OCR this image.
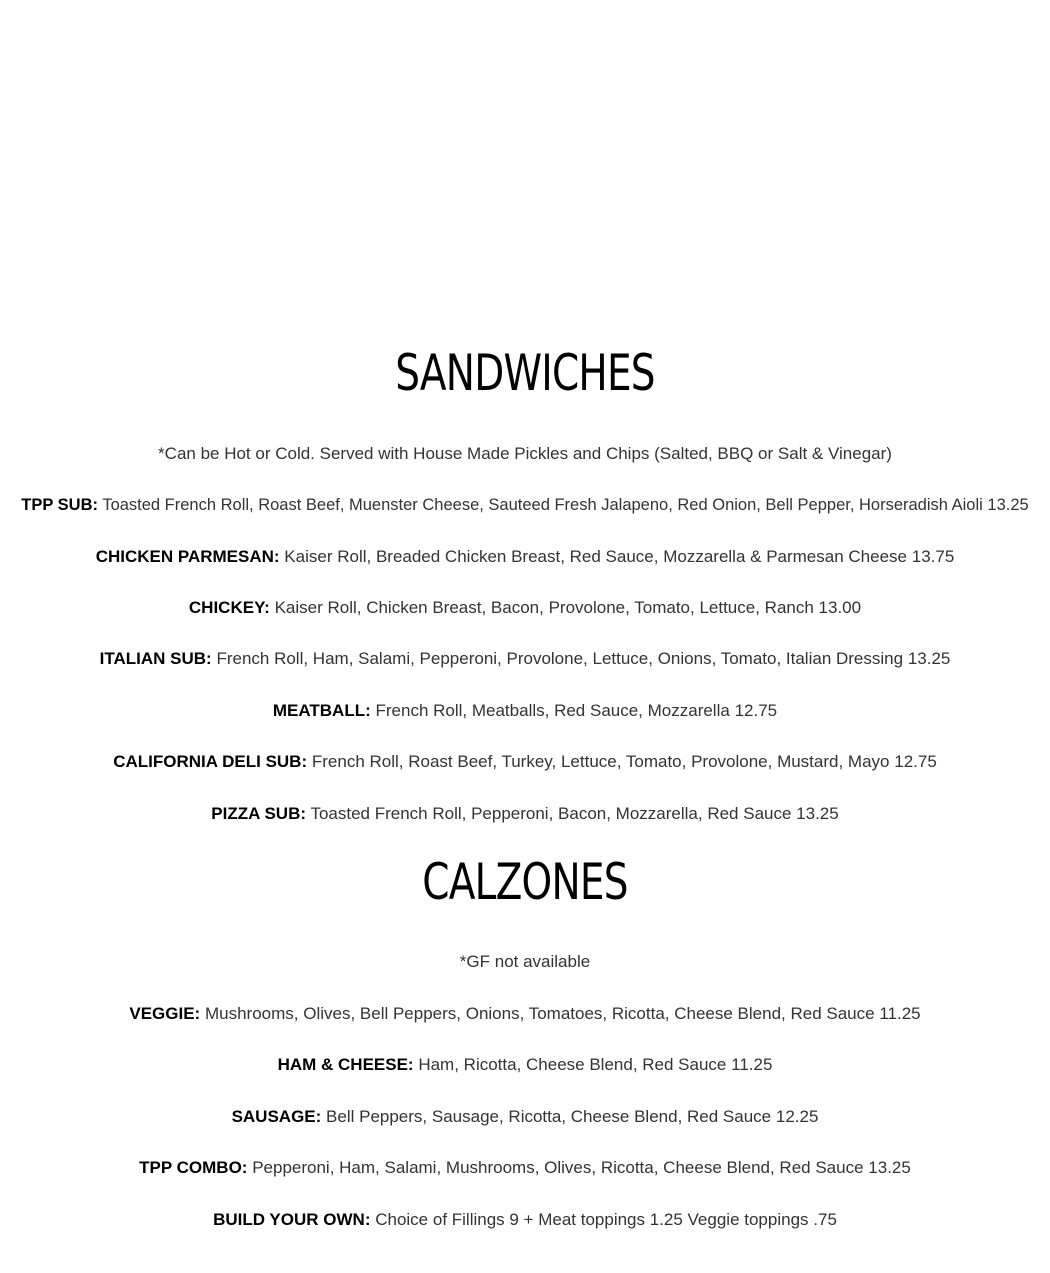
SANDWICHES

*Can be Hot or Cold. Served with House Made Pickles and Chips (Salted, BBQ or Salt & Vinegar)

TPP SUB: Toasted French Roll, Roast Beef, Muenster Cheese, Sauteed Fresh Jalapeno, Red Onion, Bell Pepper, Horseradish Aioli 13.25

CHICKEN PARMESAN: Kaiser Roll, Breaded Chicken Breast, Red Sauce, Mozzarella & Parmesan Cheese 13.75

CHICKEY: Kaiser Roll, Chicken Breast, Bacon, Provolone, Tomato, Lettuce, Ranch 13.00

ITALIAN SUB: French Roll, Ham, Salami, Pepperoni, Provolone, Lettuce, Onions, Tomato, Italian Dressing 13.25

MEATBALL: French Roll, Meatballs, Red Sauce, Mozzarella 12.75

CALIFORNIA DELI SUB: French Roll, Roast Beef, Turkey, Lettuce, Tomato, Provolone, Mustard, Mayo 12.75

PIZZA SUB: Toasted French Roll, Pepperoni, Bacon, Mozzarella, Red Sauce 13.25

CALZONES

*GF not available

VEGGIE: Mushrooms, Olives, Bell Peppers, Onions, Tomatoes, Ricotta, Cheese Blend, Red Sauce 11.25

HAM & CHEESE: Ham, Ricotta, Cheese Blend, Red Sauce 11.25

SAUSAGE: Bell Peppers, Sausage, Ricotta, Cheese Blend, Red Sauce 12.25

TPP COMBO: Pepperoni, Ham, Salami, Mushrooms, Olives, Ricotta, Cheese Blend, Red Sauce 13.25

BUILD YOUR OWN: Choice of Fillings 9 + Meat toppings 1.25 Veggie toppings .75
